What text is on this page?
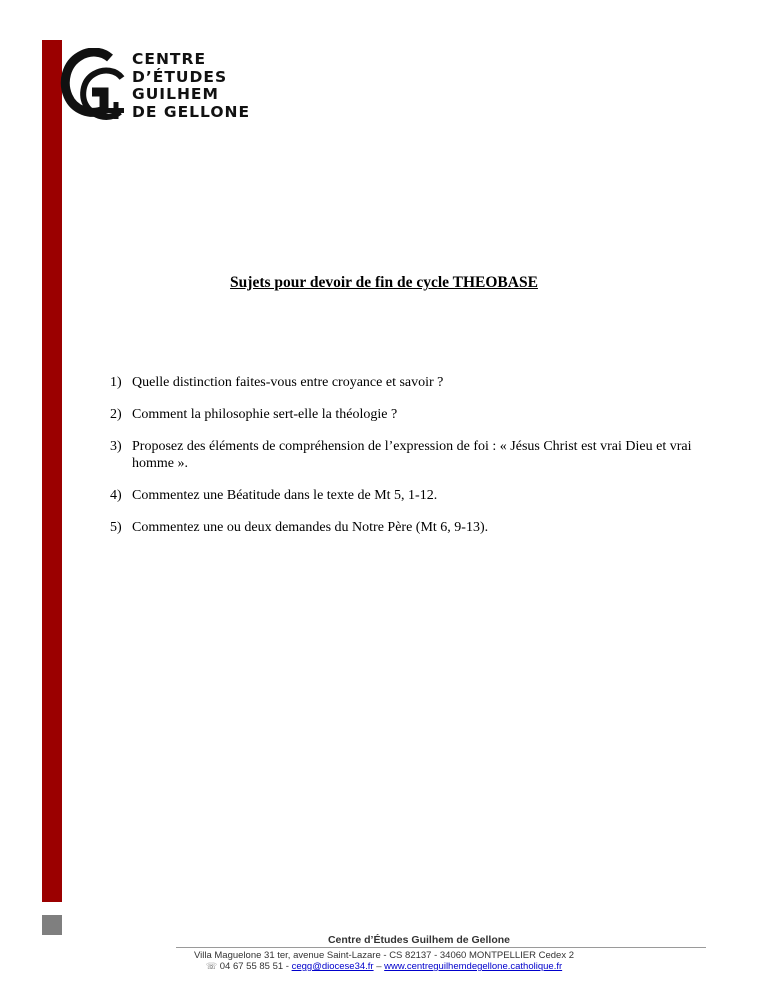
CENTRE
D’ÉTUDES
GUILHEM
DE GELLONE
Sujets pour devoir de fin de cycle THEOBASE
1) Quelle distinction faites-vous entre croyance et savoir ?
2) Comment la philosophie sert-elle la théologie ?
3) Proposez des éléments de compréhension de l’expression de foi : « Jésus Christ est vrai Dieu et vrai homme ».
4) Commentez une Béatitude dans le texte de Mt 5, 1-12.
5) Commentez une ou deux demandes du Notre Père (Mt 6, 9-13).
Centre d’Études Guilhem de Gellone
Villa Maguelone 31 ter, avenue Saint-Lazare - CS 82137 - 34060 MONTPELLIER Cedex 2
☏ 04 67 55 85 51 - cegg@diocese34.fr – www.centreguilhemdegellone.catholique.fr
